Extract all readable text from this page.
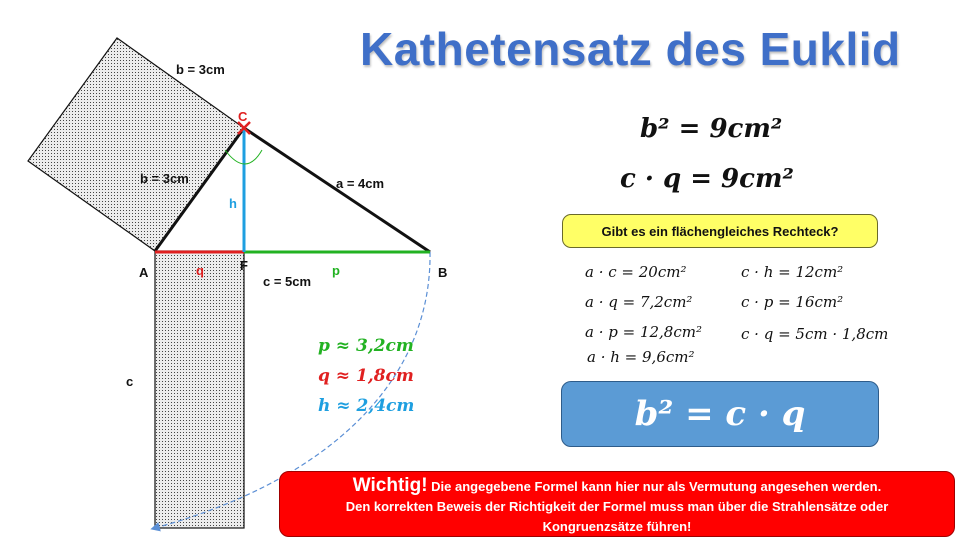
Kathetensatz des Euklid
b = 3cm
b = 3cm	a = 4cm
c = 5cm
c
h
q	p
A	B
C
F
p ≈ 3,2cm
q ≈ 1,8cm
h ≈ 2,4cm
b² = 9cm²
c · q = 9cm²
Gibt es ein flächengleiches Rechteck?
a · c = 20cm²	c · h = 12cm²
a · q = 7,2cm²	c · p = 16cm²
a · p = 12,8cm²	c · q = 5cm · 1,8cm
a · h = 9,6cm²
b² = c · q
Wichtig! Die angegebene Formel kann hier nur als Vermutung angesehen werden.
Den korrekten Beweis der Richtigkeit der Formel muss man über die Strahlensätze oder
Kongruenzsätze führen!
